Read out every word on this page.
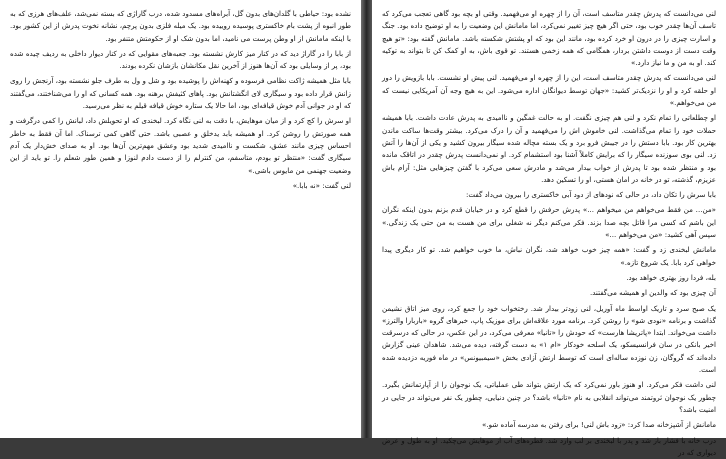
نشده بود: حیاطی با گلدان‌های بدون گل، آبراه‌های مسدود شده، درب گاراژی که بسته نمی‌شد، علف‌های هرزی که به طور انبوه از پشت بام خاکستری پوسیده روییده بود. یک میله فلزی بدون پرچم، نشانه نخوت پدرش از این کشور بود. با اینکه مامانش از او وطن پرست می‌ نامید، اما بدون شک او از حکومتش متنفر بود.

از بابا را در گاراژ دید که در کنار میز کارش نشسته بود. جعبه‌های مقوایی که در کنار دیوار داخلی به ردیف چیده شده بود، پر از وسایلی بود که آن‌ها هنوز از آخرین نقل مکانشان بازشان نکرده بودند.

بابا مثل همیشه ژاکت نظامی فرسوده و کهنه‌اش را پوشیده بود و شل و ول به طرف جلو نشسته بود، آرنجش را روی زانش قرار داده بود و سیگاری لای انگشتانش بود. پاهای کثیفش برهنه بود. همه کسانی که او را می‌شناختند، می‌گفتند که او در جوانی آدم خوش قیافه‌ای بود، اما حالا یک ستاره خوش قیافه قیلم به نظر می‌رسید.

او سرش را کج کرد و از میان موهایش، با دقت به لنی نگاه کرد. لبخندی که او تحویلش داد، لبانش را کمی درگرفت و همه صورتش را روشن کرد. او همیشه بابد یدخلق و عصبی باشد. حتی گاهی کمی ترسناک. اما آن فقط به خاطر احساس چیزی مانند عشق، شکست و ناامیدی شدید بود وعشق مهم‌ترین آن‌ها بود. او به صدای خش‌دار یک آدم سیگاری گفت: «منتظر تو بودم، متاسفم، من کنترلم را از دست دادم لنوزا و همین طور شعلم را. تو باید از این وضعیت جهنمی من مایوس باشی.»

لنی گفت: «نه بابا.»

لنی می‌دانست که پدرش چقدر متاسف است، آن را از چهره او می‌فهمید. وقتی او بچه بود گاهی تعجب می‌کرد که تاسف آن‌ها چقدر خوب بود، حتی اگر هیچ چیز تغییر نمی‌کرد، اما مامانش این وضعیت را به او توضیح داده بود. جنگ و اسارت چیزی را در درون او خرد کرده بود، مانند این بود که او پشتش شکسته باشد. مامانش گفته بود: «تو هیچ وقت دست از دوست داشتن بردار، همگامی که همه زخمی هستند. تو قوی باش، به او کمک کن تا بتواند به توکیه کند. او به من و ما نیاز دارد.»

لنی می‌دانست که پدرش چقدر متاسف است، این را از چهره او می‌فهمید. لنی پیش او نشست. بابا بازویش را دور او حلقه کرد و او را نزدیک‌تر کشید: «جهان توسط دیوانگان اداره می‌شود. این به هیچ وجه آن آمریکایی نیست که من می‌خواهم.»

او چطلعاتی را تمام نکرد و لنی هم چیزی نگفت. او به حالت غمگین و ناامیدی به پدرش عادت داشت. بابا همیشه حملات خود را تمام می‌گذاشت. لنی خاموش‌ اش را می‌فهمید و آن را درک می‌کرد. بیشتر وقت‌ها ساکت ماندن بهترین کار بود. بابا دستش را در جیبش فرو برد و یک بسته مچاله شده سیگار بیرون کشید و یکی از آن‌ها را آتش زد. لنی بوی سوزنده سیگار را که برایش کاملاً آشنا بود استشمام کرد. او نمی‌دانست پدرش چقدر در اتاقک مانده بود و منتظر شده بود تا پدرش از خواب بیدار می‌شد و مادرش سعی می‌کرد با گفتن چیزهایی مثل: آرام باش عزیزم، گذشته، تو در خانه در امان هستی، او را تسکین دهد.

بابا سرش را تکان داد، در حالی که نودهای از دود آبی خاکستری را بیرون می‌داد گفت:

«من... من فقط می‌خواهم من میخواهم ...» پدرش حرفش را قطع کرد و در خیابان قدم بزنم بدون اینکه نگران این باشم که کسی مرا قاتل بچه صدا بزند. فکر می‌کنم دیگر نه شغلی برای من هست به من حتی یک زندگی.» سپس آهی کشید: «من می‌خواهم ...»

مامانش لبخندی زد و گفت: «همه چیز خوب خواهد شد، نگران نباش، ما خوب خواهیم شد. تو کار دیگری پیدا خواهی کرد بابا. یک شروع تازه.»

بله، فردا روز بهتری خواهد بود.

آن چیزی بود که والدین او همیشه می‌گفتند.

یک صبح سرد و تاریک اواسط ماه آوریل، لنی زودتر بیدار شد. رختخواب خود را جمع کرد، روی میز اتاق نشیمن گذاشت و برنامه «نودی شو» را روشن کرد. برنامه مورد علاقه‌اش برای موزیک پاپ، خبرهای گروه «باربارا والترز» داشت می‌خواند. ابتدا «پاتریشا هارست» که حودش را «تانیا» معرفی می‌کرد، در این عکس، در حالی که درسرقت اخیر بانکی در سان فرانسیسکو، یک اسلحه خودکار «ام ۱» به دست گرفته، دیده می‌شد. شاهدان عینی گزارش داده‌اند که گروگان، زن نوزده ساله‌ای است که توسط ارتش آزادی بخش «سیمبیونس» در ماه فوریه دزدیده شده است.

لنی داشت فکر می‌کرد. او هنوز باور نمی‌کرد که یک ارتش بتواند طی عملیاتی، یک نوجوان را از آپارتمانش بگیرد. چطور یک نوجوان ثروتمند می‌تواند انقلابی به نام «تانیا» باشد؟ در چنین دنیایی، چطور یک نفر می‌تواند در جایی در امنیت باشد؟

مامانش از آشپزخانه صدا کرد: «زود باش لنی! برای رفتن به مدرسه آماده شو.»

درب خانه با فشار باز شد و پدر با لبخندی بر لب وارد شد. قطره‌های آب از موهایش می‌چکید. او به طول و عرض دیواری که در
